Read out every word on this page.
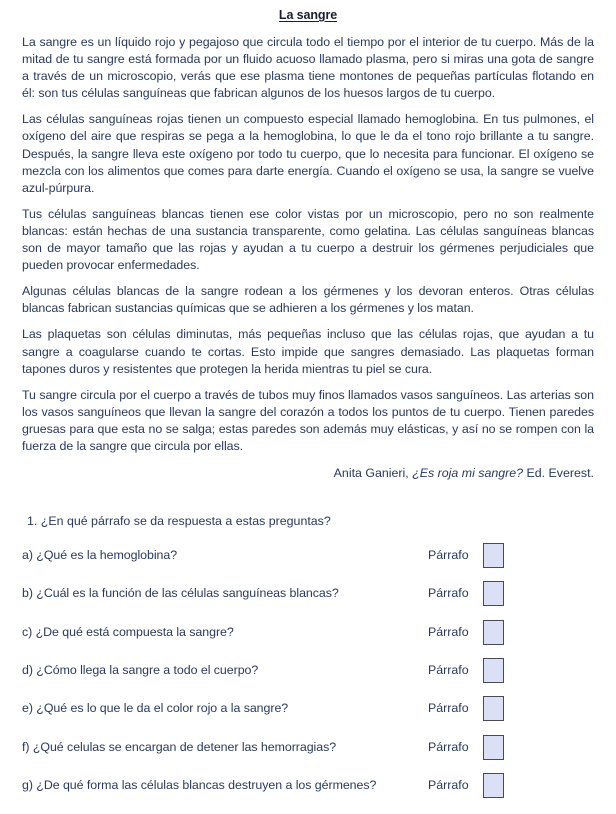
La sangre

La sangre es un líquido rojo y pegajoso que circula todo el tiempo por el interior de tu cuerpo. Más de la mitad de tu sangre está formada por un fluido acuoso llamado plasma, pero si miras una gota de sangre a través de un microscopio, verás que ese plasma tiene montones de pequeñas partículas flotando en él: son tus células sanguíneas que fabrican algunos de los huesos largos de tu cuerpo.

Las células sanguíneas rojas tienen un compuesto especial llamado hemoglobina. En tus pulmones, el oxígeno del aire que respiras se pega a la hemoglobina, lo que le da el tono rojo brillante a tu sangre. Después, la sangre lleva este oxígeno por todo tu cuerpo, que lo necesita para funcionar. El oxígeno se mezcla con los alimentos que comes para darte energía. Cuando el oxígeno se usa, la sangre se vuelve azul-púrpura.

Tus células sanguíneas blancas tienen ese color vistas por un microscopio, pero no son realmente blancas: están hechas de una sustancia transparente, como gelatina. Las células sanguíneas blancas son de mayor tamaño que las rojas y ayudan a tu cuerpo a destruir los gérmenes perjudiciales que pueden provocar enfermedades.

Algunas células blancas de la sangre rodean a los gérmenes y los devoran enteros. Otras células blancas fabrican sustancias químicas que se adhieren a los gérmenes y los matan.

Las plaquetas son células diminutas, más pequeñas incluso que las células rojas, que ayudan a tu sangre a coagularse cuando te cortas. Esto impide que sangres demasiado. Las plaquetas forman tapones duros y resistentes que protegen la herida mientras tu piel se cura.

Tu sangre circula por el cuerpo a través de tubos muy finos llamados vasos sanguíneos. Las arterias son los vasos sanguíneos que llevan la sangre del corazón a todos los puntos de tu cuerpo. Tienen paredes gruesas para que esta no se salga; estas paredes son además muy elásticas, y así no se rompen con la fuerza de la sangre que circula por ellas.

Anita Ganieri, ¿Es roja mi sangre? Ed. Everest.
1. ¿En qué párrafo se da respuesta a estas preguntas?
a) ¿Qué es la hemoglobina?	Párrafo
b) ¿Cuál es la función de las células sanguíneas blancas?	Párrafo
c) ¿De qué está compuesta la sangre?	Párrafo
d) ¿Cómo llega la sangre a todo el cuerpo?	Párrafo
e) ¿Qué es lo que le da el color rojo a la sangre?	Párrafo
f) ¿Qué celulas se encargan de detener las hemorragias?	Párrafo
g) ¿De qué forma las células blancas destruyen a los gérmenes?	Párrafo
